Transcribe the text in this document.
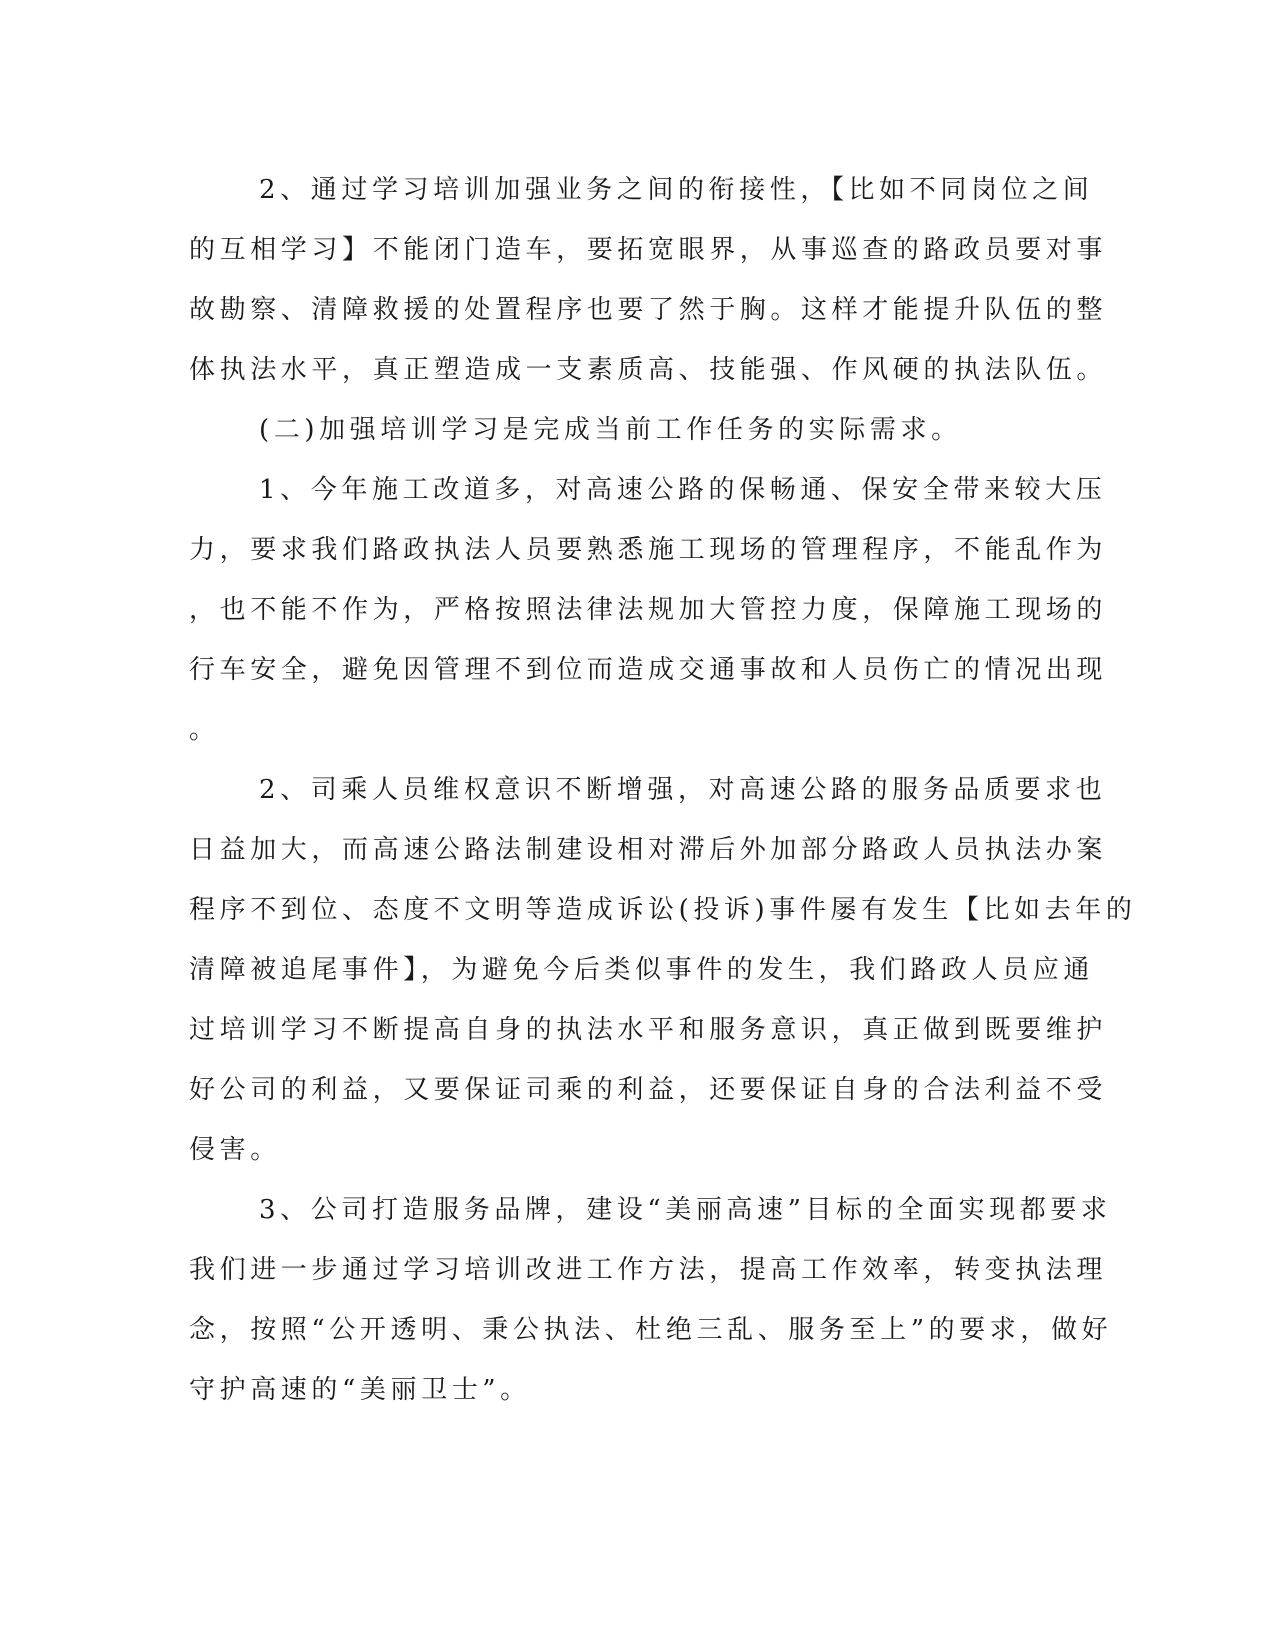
2、通过学习培训加强业务之间的衔接性，【比如不同岗位之间
的互相学习】不能闭门造车，要拓宽眼界，从事巡查的路政员要对事
故勘察、清障救援的处置程序也要了然于胸。这样才能提升队伍的整
体执法水平，真正塑造成一支素质高、技能强、作风硬的执法队伍。
(二)加强培训学习是完成当前工作任务的实际需求。
1、今年施工改道多，对高速公路的保畅通、保安全带来较大压
力，要求我们路政执法人员要熟悉施工现场的管理程序，不能乱作为
，也不能不作为，严格按照法律法规加大管控力度，保障施工现场的
行车安全，避免因管理不到位而造成交通事故和人员伤亡的情况出现
。
2、司乘人员维权意识不断增强，对高速公路的服务品质要求也
日益加大，而高速公路法制建设相对滞后外加部分路政人员执法办案
程序不到位、态度不文明等造成诉讼(投诉)事件屡有发生【比如去年的
清障被追尾事件】，为避免今后类似事件的发生，我们路政人员应通
过培训学习不断提高自身的执法水平和服务意识，真正做到既要维护
好公司的利益，又要保证司乘的利益，还要保证自身的合法利益不受
侵害。
3、公司打造服务品牌，建设“美丽高速”目标的全面实现都要求
我们进一步通过学习培训改进工作方法，提高工作效率，转变执法理
念，按照“公开透明、秉公执法、杜绝三乱、服务至上”的要求，做好
守护高速的“美丽卫士”。
